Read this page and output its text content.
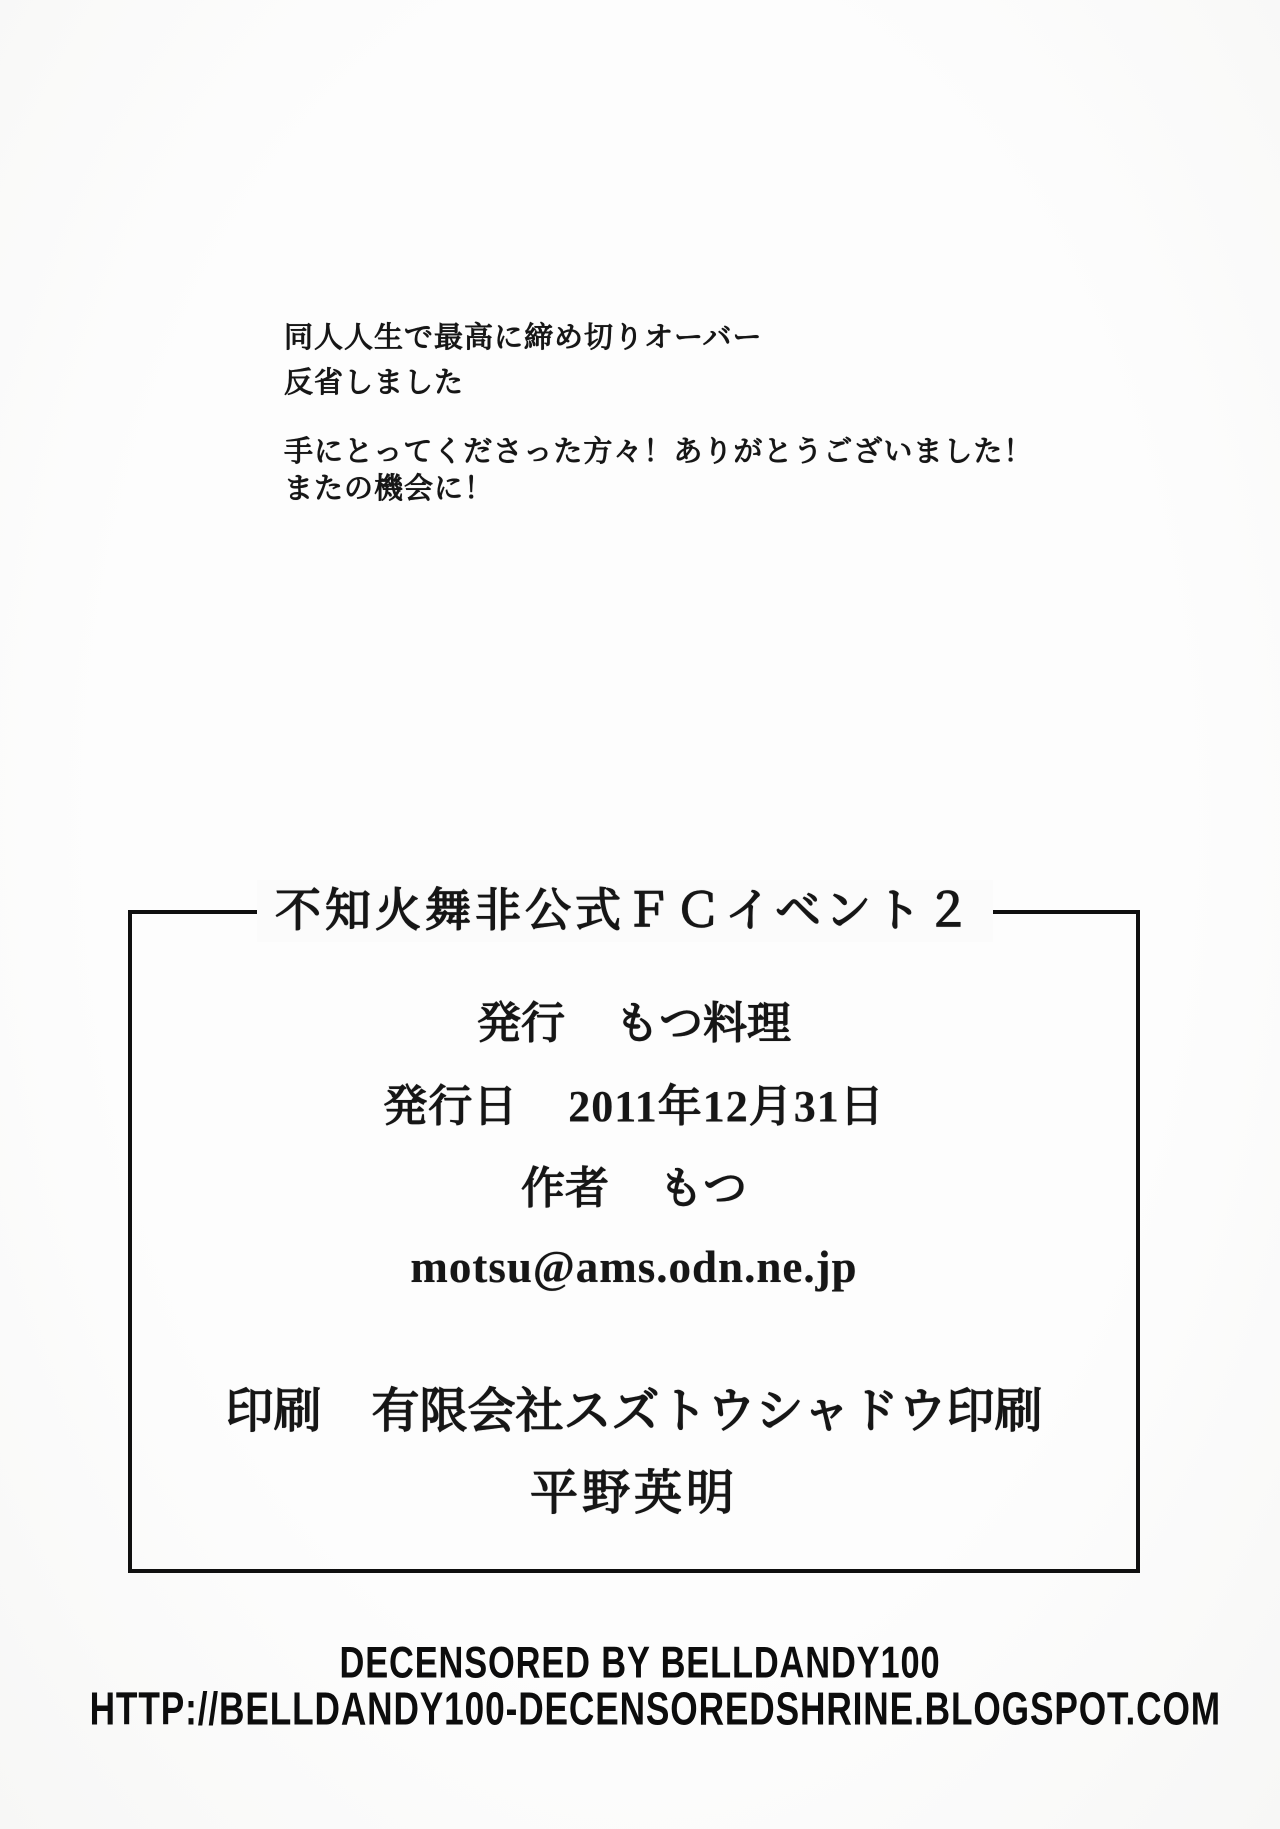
同人人生で最高に締め切りオーバー
反省しました
手にとってくださった方々！ありがとうございました！
またの機会に！
不知火舞非公式ＦＣイベント２
発行 もつ料理
発行日 2011年12月31日
作者 もつ
motsu@ams.odn.ne.jp
印刷 有限会社スズトウシャドウ印刷
平野英明
DECENSORED BY BELLDANDY100
HTTP://BELLDANDY100-DECENSOREDSHRINE.BLOGSPOT.COM
